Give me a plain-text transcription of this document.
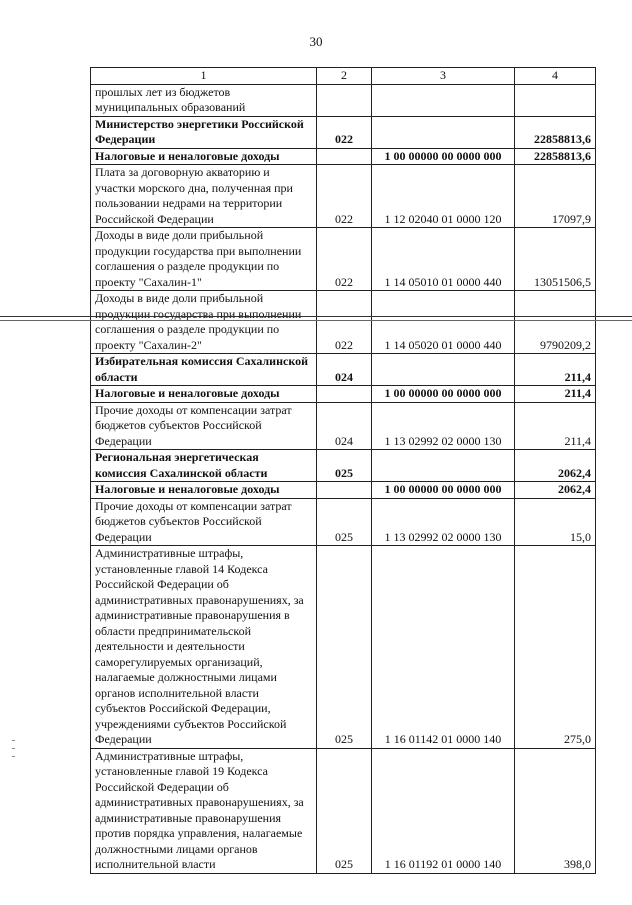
30
1	2	3	4
прошлых лет из бюджетов муниципальных образований			
Министерство энергетики Российской Федерации	022		22858813,6
Налоговые и неналоговые доходы		1 00 00000 00 0000 000	22858813,6
Плата за договорную акваторию и участки морского дна, полученная при пользовании недрами на территории Российской Федерации	022	1 12 02040 01 0000 120	17097,9
Доходы в виде доли прибыльной продукции государства при выполнении соглашения о разделе продукции по проекту "Сахалин-1"	022	1 14 05010 01 0000 440	13051506,5
Доходы в виде доли прибыльной продукции государства при выполнении соглашения о разделе продукции по проекту "Сахалин-2"	022	1 14 05020 01 0000 440	9790209,2
Избирательная комиссия Сахалинской области	024		211,4
Налоговые и неналоговые доходы		1 00 00000 00 0000 000	211,4
Прочие доходы от компенсации затрат бюджетов субъектов Российской Федерации	024	1 13 02992 02 0000 130	211,4
Региональная энергетическая комиссия Сахалинской области	025		2062,4
Налоговые и неналоговые доходы		1 00 00000 00 0000 000	2062,4
Прочие доходы от компенсации затрат бюджетов субъектов Российской Федерации	025	1 13 02992 02 0000 130	15,0
Административные штрафы, установленные главой 14 Кодекса Российской Федерации об административных правонарушениях, за административные правонарушения в области предпринимательской деятельности и деятельности саморегулируемых организаций, налагаемые должностными лицами органов исполнительной власти субъектов Российской Федерации, учреждениями субъектов Российской Федерации	025	1 16 01142 01 0000 140	275,0
Административные штрафы, установленные главой 19 Кодекса Российской Федерации об административных правонарушениях, за административные правонарушения против порядка управления, налагаемые должностными лицами органов исполнительной власти	025	1 16 01192 01 0000 140	398,0
